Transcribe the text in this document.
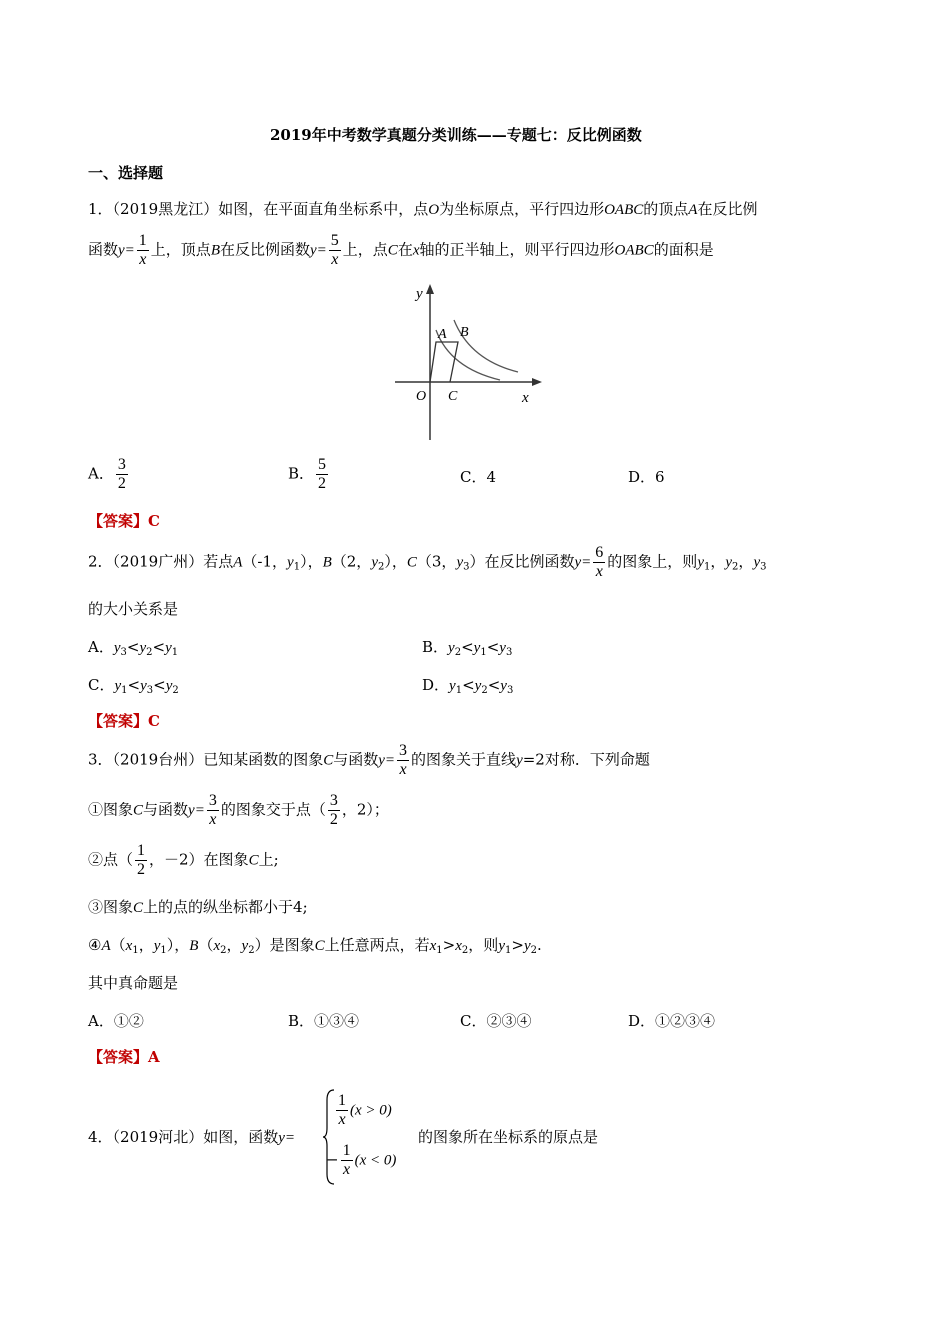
2019年中考数学真题分类训练——专题七：反比例函数
一、选择题
1．（2019黑龙江）如图，在平面直角坐标系中，点O为坐标原点，平行四边形OABC的顶点A在反比例
函数$y= \frac{1}{x}$ 上，顶点B在反比例函数$y= \frac{5}{x}$ 上，点C在x轴的正半轴上，则平行四边形OABC的面积是
y
A B
O C	x
A． $\frac{3}{2}$	B． $\frac{5}{2}$	C．4	D．6
【答案】C
2．（2019广州）若点A（-1，$y_1$），B（2，$y_2$），C（3，$y_3$）在反比例函数$y= \frac{6}{x}$ 的图象上，则$y_1$，$y_2$，$y_3$
的大小关系是
A．$y_3<y_2<y_1$	B．$y_2<y_1<y_3$
C．$y_1<y_3<y_2$	D．$y_1<y_2<y_3$
【答案】C
3．（2019台州）已知某函数的图象C与函数$y= \frac{3}{x}$ 的图象关于直线y=2对称．下列命题
①图象C与函数$y= \frac{3}{x}$ 的图象交于点（ $\frac{3}{2}$ ，2）；
②点（ $\frac{1}{2}$ ，－2）在图象C上;
③图象C上的点的纵坐标都小于4;
$④A(x_1$，$y_1$），$B(x_2$，$y_2$）是图象C上任意两点，若$x_1>x_2$，则$y_1>y_2$.
其中真命题是
A．①②	B．①③④	C．②③④	D．①②③④
【答案】A
4．（2019河北）如图，函数y=
$\frac{1}{x} (x > 0)$
− $\frac{1}{x} (x < 0)$
的图象所在坐标系的原点是
